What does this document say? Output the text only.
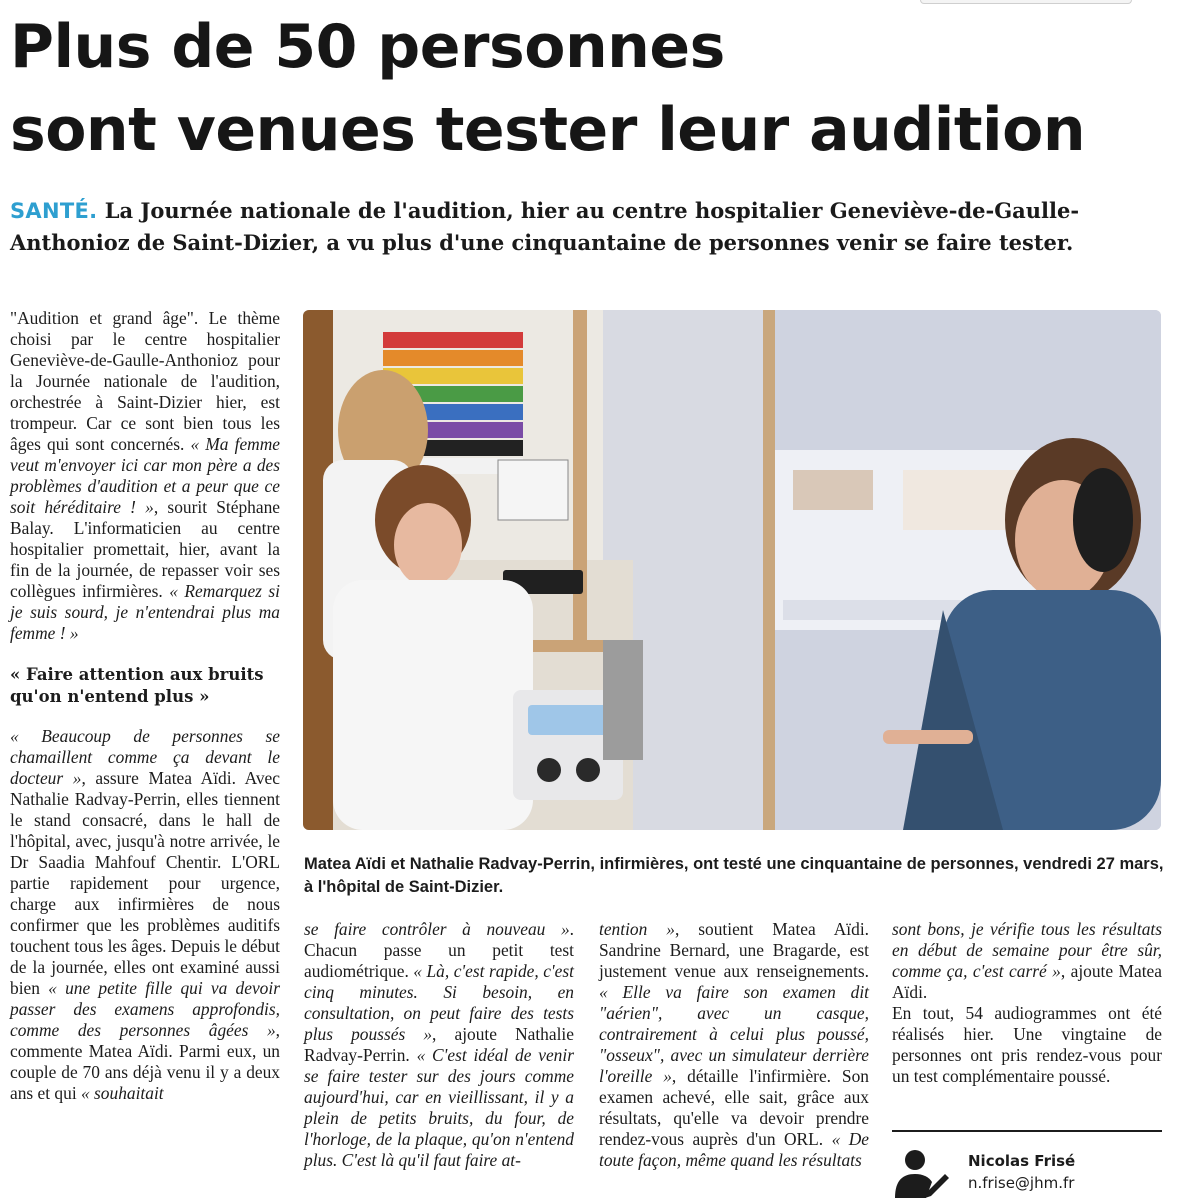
Plus de 50 personnes
sont venues tester leur audition

SANTÉ. La Journée nationale de l'audition, hier au centre hospitalier Geneviève-de-Gaulle-Anthonioz de Saint-Dizier, a vu plus d'une cinquantaine de personnes venir se faire tester.

"Audition et grand âge". Le thème choisi par le centre hospitalier Geneviève-de-Gaulle-Anthonioz pour la Journée nationale de l'audition, orchestrée à Saint-Dizier hier, est trompeur. Car ce sont bien tous les âges qui sont concernés. « Ma femme veut m'envoyer ici car mon père a des problèmes d'audition et a peur que ce soit héréditaire ! », sourit Stéphane Balay. L'informaticien au centre hospitalier promettait, hier, avant la fin de la journée, de repasser voir ses collègues infirmières. « Remarquez si je suis sourd, je n'entendrai plus ma femme ! »

« Faire attention aux bruits qu'on n'entend plus »

« Beaucoup de personnes se chamaillent comme ça devant le docteur », assure Matea Aïdi. Avec Nathalie Radvay-Perrin, elles tiennent le stand consacré, dans le hall de l'hôpital, avec, jusqu'à notre arrivée, le Dr Saadia Mahfouf Chentir. L'ORL partie rapidement pour urgence, charge aux infirmières de nous confirmer que les problèmes auditifs touchent tous les âges. Depuis le début de la journée, elles ont examiné aussi bien « une petite fille qui va devoir passer des examens approfondis, comme des personnes âgées », commente Matea Aïdi. Parmi eux, un couple de 70 ans déjà venu il y a deux ans et qui « souhaitait

Matea Aïdi et Nathalie Radvay-Perrin, infirmières, ont testé une cinquantaine de personnes, vendredi 27 mars, à l'hôpital de Saint-Dizier.

se faire contrôler à nouveau ». Chacun passe un petit test audiométrique. « Là, c'est rapide, c'est cinq minutes. Si besoin, en consultation, on peut faire des tests plus poussés », ajoute Nathalie Radvay-Perrin. « C'est idéal de venir se faire tester sur des jours comme aujourd'hui, car en vieillissant, il y a plein de petits bruits, du four, de l'horloge, de la plaque, qu'on n'entend plus. C'est là qu'il faut faire at-

tention », soutient Matea Aïdi. Sandrine Bernard, une Bragarde, est justement venue aux renseignements. « Elle va faire son examen dit "aérien", avec un casque, contrairement à celui plus poussé, "osseux", avec un simulateur derrière l'oreille », détaille l'infirmière. Son examen achevé, elle sait, grâce aux résultats, qu'elle va devoir prendre rendez-vous auprès d'un ORL. « De toute façon, même quand les résultats

sont bons, je vérifie tous les résultats en début de semaine pour être sûr, comme ça, c'est carré », ajoute Matea Aïdi.

En tout, 54 audiogrammes ont été réalisés hier. Une vingtaine de personnes ont pris rendez-vous pour un test complémentaire poussé.

Nicolas Frisé
n.frise@jhm.fr
